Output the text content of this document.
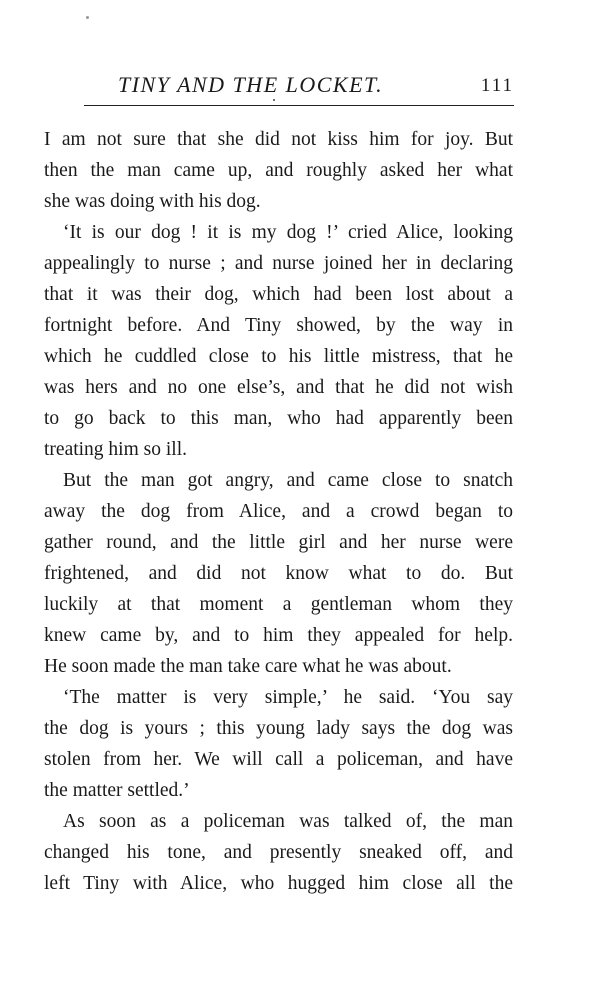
TINY AND THE LOCKET.	111
I am not sure that she did not kiss him for joy. But
then the man came up, and roughly asked her what
she was doing with his dog.
‘It is our dog ! it is my dog !’ cried Alice, looking
appealingly to nurse ; and nurse joined her in declaring
that it was their dog, which had been lost about a
fortnight before. And Tiny showed, by the way in
which he cuddled close to his little mistress, that he
was hers and no one else’s, and that he did not wish
to go back to this man, who had apparently been
treating him so ill.
But the man got angry, and came close to snatch
away the dog from Alice, and a crowd began to
gather round, and the little girl and her nurse were
frightened, and did not know what to do. But
luckily at that moment a gentleman whom they
knew came by, and to him they appealed for help.
He soon made the man take care what he was about.
‘The matter is very simple,’ he said. ‘You say
the dog is yours ; this young lady says the dog was
stolen from her. We will call a policeman, and have
the matter settled.’
As soon as a policeman was talked of, the man
changed his tone, and presently sneaked off, and
left Tiny with Alice, who hugged him close all the
